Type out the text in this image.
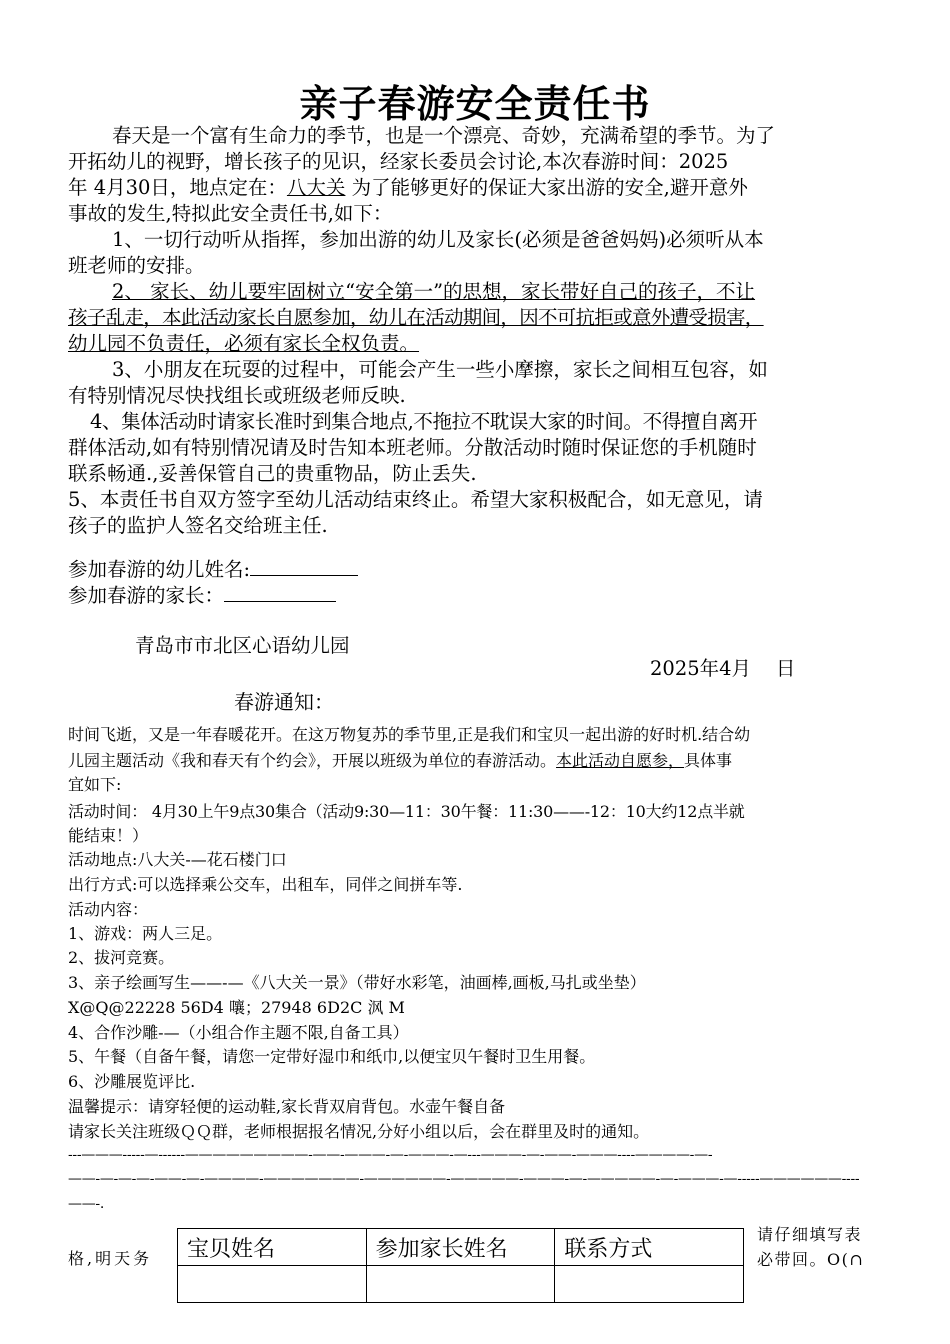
亲子春游安全责任书
春天是一个富有生命力的季节，也是一个漂亮、奇妙，充满希望的季节。为了
开拓幼儿的视野，增长孩子的见识，经家长委员会讨论,本次春游时间：2025
年 4月30日，地点定在：八大关 为了能够更好的保证大家出游的安全,避开意外
事故的发生,特拟此安全责任书,如下：
1、一切行动听从指挥，参加出游的幼儿及家长(必须是爸爸妈妈)必须听从本
班老师的安排。
2、 家长、幼儿要牢固树立“安全第一”的思想，家长带好自己的孩子，不让
孩子乱走，本此活动家长自愿参加，幼儿在活动期间，因不可抗拒或意外遭受损害，
幼儿园不负责任，必须有家长全权负责。
3、小朋友在玩耍的过程中，可能会产生一些小摩擦，家长之间相互包容，如
有特别情况尽快找组长或班级老师反映.
4、集体活动时请家长准时到集合地点,不拖拉不耽误大家的时间。不得擅自离开
群体活动,如有特别情况请及时告知本班老师。分散活动时随时保证您的手机随时
联系畅通.,妥善保管自己的贵重物品，防止丢失.
5、本责任书自双方签字至幼儿活动结束终止。希望大家积极配合，如无意见，请
孩子的监护人签名交给班主任.
参加春游的幼儿姓名:
参加春游的家长：
青岛市市北区心语幼儿园
2025年4月    日
春游通知：
时间飞逝，又是一年春暖花开。在这万物复苏的季节里,正是我们和宝贝一起出游的好时机.结合幼
儿园主题活动《我和春天有个约会》，开展以班级为单位的春游活动。本此活动自愿参，具体事
宜如下:
活动时间： 4月30上午9点30集合（活动9:30—11：30午餐：11:30——-12：10大约12点半就
能结束！）
活动地点:八大关-—花石楼门口
出行方式:可以选择乘公交车，出租车，同伴之间拼车等.
活动内容：
1、游戏：两人三足。
2、拔河竞赛。
3、亲子绘画写生——-—《八大关一景》（带好水彩笔，油画棒,画板,马扎或坐垫）
X@Q@22228 56D4 嚷；27948 6D2C 沨 M
4、合作沙雕-—（小组合作主题不限,自备工具）
5、午餐（自备午餐，请您一定带好湿巾和纸巾,以便宝贝午餐时卫生用餐。
6、沙雕展览评比.
温馨提示：请穿轻便的运动鞋,家长背双肩背包。水壶午餐自备
请家长关注班级ＱＱ群，老师根据报名情况,分好小组以后，会在群里及时的通知。
---———-----—------—————————-——-———-—-———-—---———-—-——-———----————-—-
——-—-—-—-——-—-————-———————-——————-—————-———-—-—————-—-———-—-----——————----
——-.
格,明天务
请仔细填写表
必带回。O(∩
宝贝姓名	参加家长姓名	联系方式
